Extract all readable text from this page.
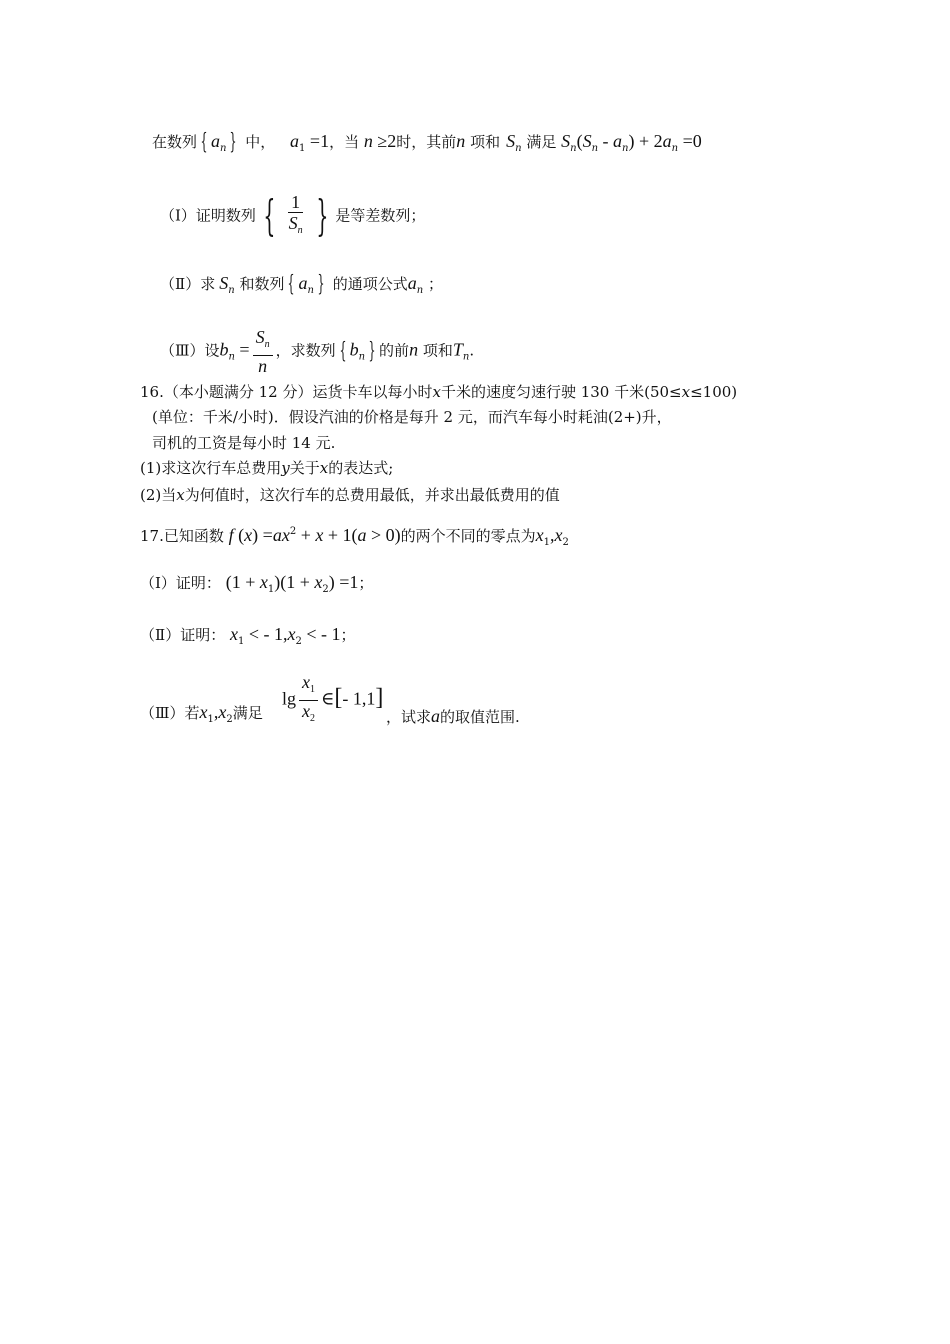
在数列 { $a_n$ } 中， $a_1 =1$，当 n ≥2时，其前n 项和 $S_n$ 满足 $S_n(S_n - a_n) + 2a_n =0$
（Ⅰ）证明数列 { $\frac{1}{S_n}$ } 是等差数列；
（Ⅱ）求 $S_n$ 和数列 { $a_n$ } 的通项公式$a_n$ ；
（Ⅲ）设$b_n = \frac{S_n}{n}$ ，求数列 { $b_n$ } 的前n 项和$T_n$.
16.（本小题满分 12 分）运货卡车以每小时x千米的速度匀速行驶 130 千米(50≤x≤100)
(单位：千米/小时)．假设汽油的价格是每升 2 元，而汽车每小时耗油(2+)升，
司机的工资是每小时 14 元.
(1)求这次行车总费用y关于x的表达式;
(2)当x为何值时，这次行车的总费用最低，并求出最低费用的值
17.已知函数 f $(x) =ax^2 + x + 1(a > 0)$的两个不同的零点为$x_1,x_2$
（Ⅰ）证明： $(1 + x_1)(1 + x_2) =1$；
（Ⅱ）证明： $x_1$ < - $1,x_2$ < - 1；
（Ⅲ）若$x_1,x_2$满足
$\lg \frac{x_1}{x_2}$ ∈[- 1,1]
，试求a的取值范围.
